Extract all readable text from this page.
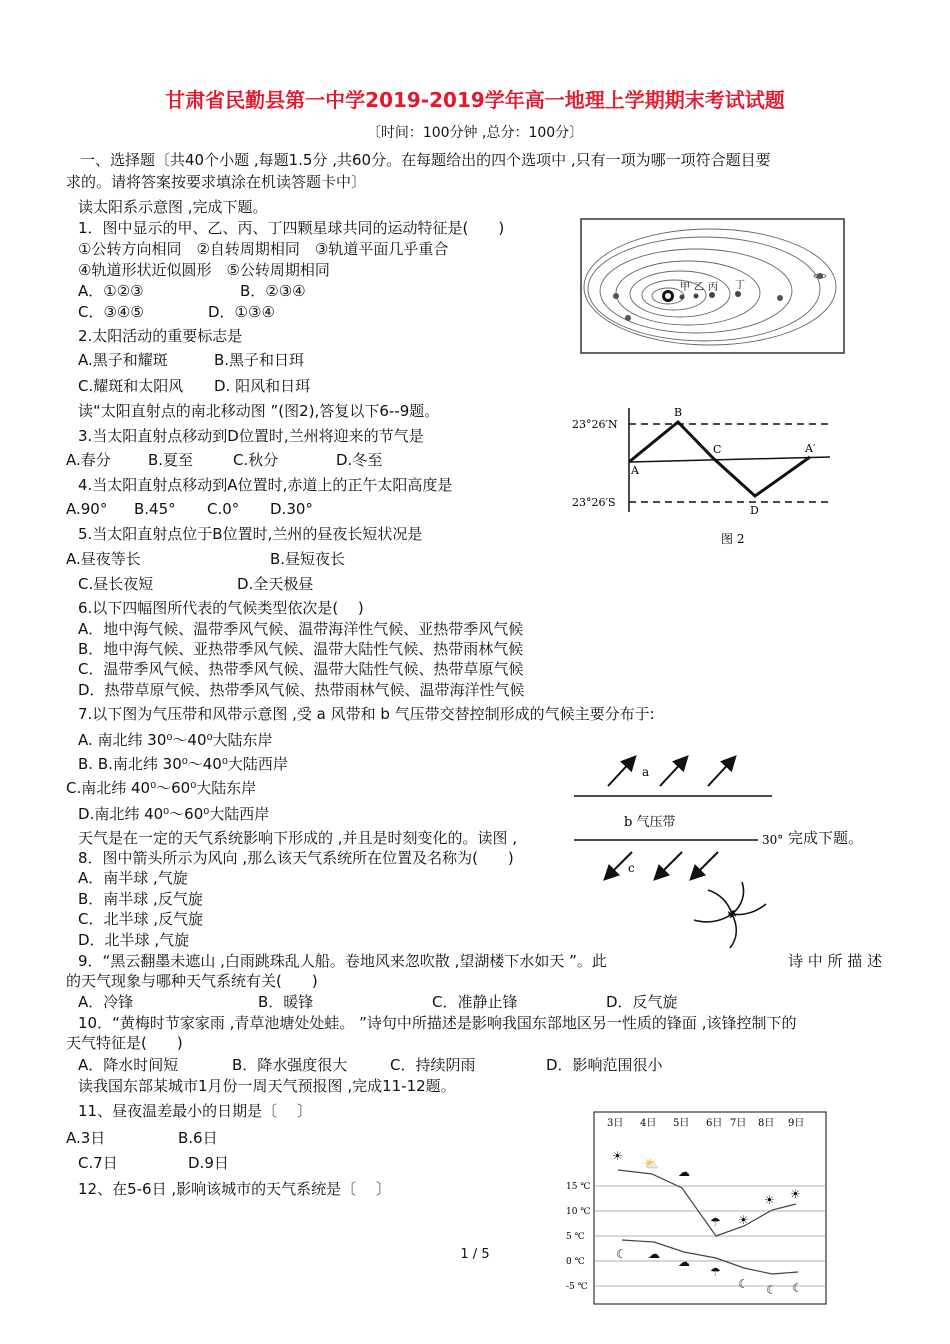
甘肃省民勤县第一中学2019-2019学年高一地理上学期期末考试试题
〔时间：100分钟 ,总分：100分〕
一、选择题〔共40个小题 ,每题1.5分 ,共60分。在每题给出的四个选项中 ,只有一项为哪一项符合题目要
求的。请将答案按要求填涂在机读答题卡中〕
读太阳系示意图 ,完成下题。
1．图中显示的甲、乙、丙、丁四颗星球共同的运动特征是(　　)
①公转方向相同　②自转周期相同　③轨道平面几乎重合
④轨道形状近似圆形　⑤公转周期相同
A．①②③	B．②③④
C．③④⑤	D．①③④
2.太阳活动的重要标志是
A.黑子和耀斑	B.黑子和日珥
C.耀斑和太阳风 D. 阳风和日珥
读“太阳直射点的南北移动图 ”(图2),答复以下6--9题。
3.当太阳直射点移动到D位置时,兰州将迎来的节气是
A.春分 B.夏至	C.秋分	D.冬至
4.当太阳直射点移动到A位置时,赤道上的正午太阳高度是
A.90° B.45° C.0° D.30°
5.当太阳直射点位于B位置时,兰州的昼夜长短状况是
A.昼夜等长	B.昼短夜长
C.昼长夜短	D.全天极昼
6.以下四幅图所代表的气候类型依次是(　 )
A．地中海气候、温带季风气候、温带海洋性气候、亚热带季风气候
B．地中海气候、亚热带季风气候、温带大陆性气候、热带雨林气候
C．温带季风气候、热带季风气候、温带大陆性气候、热带草原气候
D．热带草原气候、热带季风气候、热带雨林气候、温带海洋性气候
7.以下图为气压带和风带示意图 ,受 a 风带和 b 气压带交替控制形成的气候主要分布于:
A. 南北纬 30⁰～40⁰大陆东岸
B. B.南北纬 30⁰～40⁰大陆西岸
C.南北纬 40⁰～60⁰大陆东岸
D.南北纬 40⁰～60⁰大陆西岸
天气是在一定的天气系统影响下形成的 ,并且是时刻变化的。读图 ,	完成下题。
8．图中箭头所示为风向 ,那么该天气系统所在位置及名称为(　　)
A．南半球 ,气旋
B．南半球 ,反气旋
C．北半球 ,反气旋
D．北半球 ,气旋
9．“黑云翻墨未遮山 ,白雨跳珠乱人船。卷地风来忽吹散 ,望湖楼下水如天 ”。此	诗 中 所 描 述
的天气现象与哪种天气系统有关(　　)
A．冷锋	B．暖锋	C．准静止锋	D．反气旋
10．“黄梅时节家家雨 ,青草池塘处处蛙。 ”诗句中所描述是影响我国东部地区另一性质的锋面 ,该锋控制下的
天气特征是(　　)
A．降水时间短	B．降水强度很大	C．持续阴雨	D．影响范围很小
读我国东部某城市1月份一周天气预报图 ,完成11-12题。
11、昼夜温差最小的日期是〔　 〕
A.3日	B.6日
C.7日	D.9日
12、在5-6日 ,影响该城市的天气系统是〔　 〕
1 / 5
甲 乙 丙 丁
23°26′N
23°26′S
A
B
C
D
A′
图 2
a
b 气压带
30°
c
3日 4日 5日 6日 7日 8日 9日
15 ℃
10 ℃
5 ℃
0 ℃
-5 ℃
☀
⛅
☁
☂ ☀
☀ ☀
☾ ☁
☁
☂
☾ ☾ ☾
